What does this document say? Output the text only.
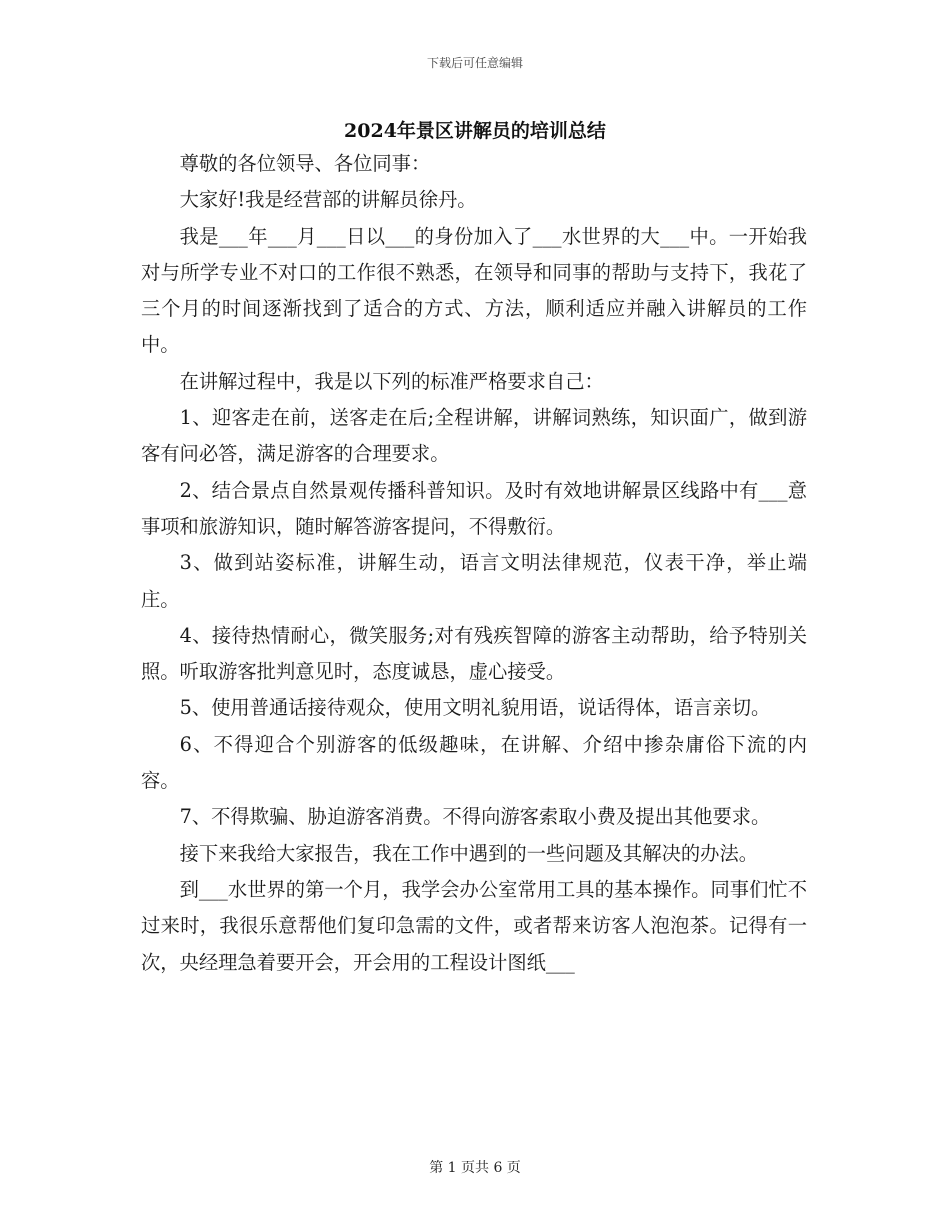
下载后可任意编辑
2024年景区讲解员的培训总结

尊敬的各位领导、各位同事：

大家好!我是经营部的讲解员徐丹。

我是___年___月___日以___的身份加入了___水世界的大___中。一开始我对与所学专业不对口的工作很不熟悉，在领导和同事的帮助与支持下，我花了三个月的时间逐渐找到了适合的方式、方法，顺利适应并融入讲解员的工作中。

在讲解过程中，我是以下列的标准严格要求自己：

1、迎客走在前，送客走在后;全程讲解，讲解词熟练，知识面广，做到游客有问必答，满足游客的合理要求。

2、结合景点自然景观传播科普知识。及时有效地讲解景区线路中有___意事项和旅游知识，随时解答游客提问，不得敷衍。

3、做到站姿标准，讲解生动，语言文明法律规范，仪表干净，举止端庄。

4、接待热情耐心，微笑服务;对有残疾智障的游客主动帮助，给予特别关照。听取游客批判意见时，态度诚恳，虚心接受。

5、使用普通话接待观众，使用文明礼貌用语，说话得体，语言亲切。

6、不得迎合个别游客的低级趣味，在讲解、介绍中掺杂庸俗下流的内容。

7、不得欺骗、胁迫游客消费。不得向游客索取小费及提出其他要求。

接下来我给大家报告，我在工作中遇到的一些问题及其解决的办法。

到___水世界的第一个月，我学会办公室常用工具的基本操作。同事们忙不过来时，我很乐意帮他们复印急需的文件，或者帮来访客人泡泡茶。记得有一次，央经理急着要开会，开会用的工程设计图纸___

第 1 页共 6 页
